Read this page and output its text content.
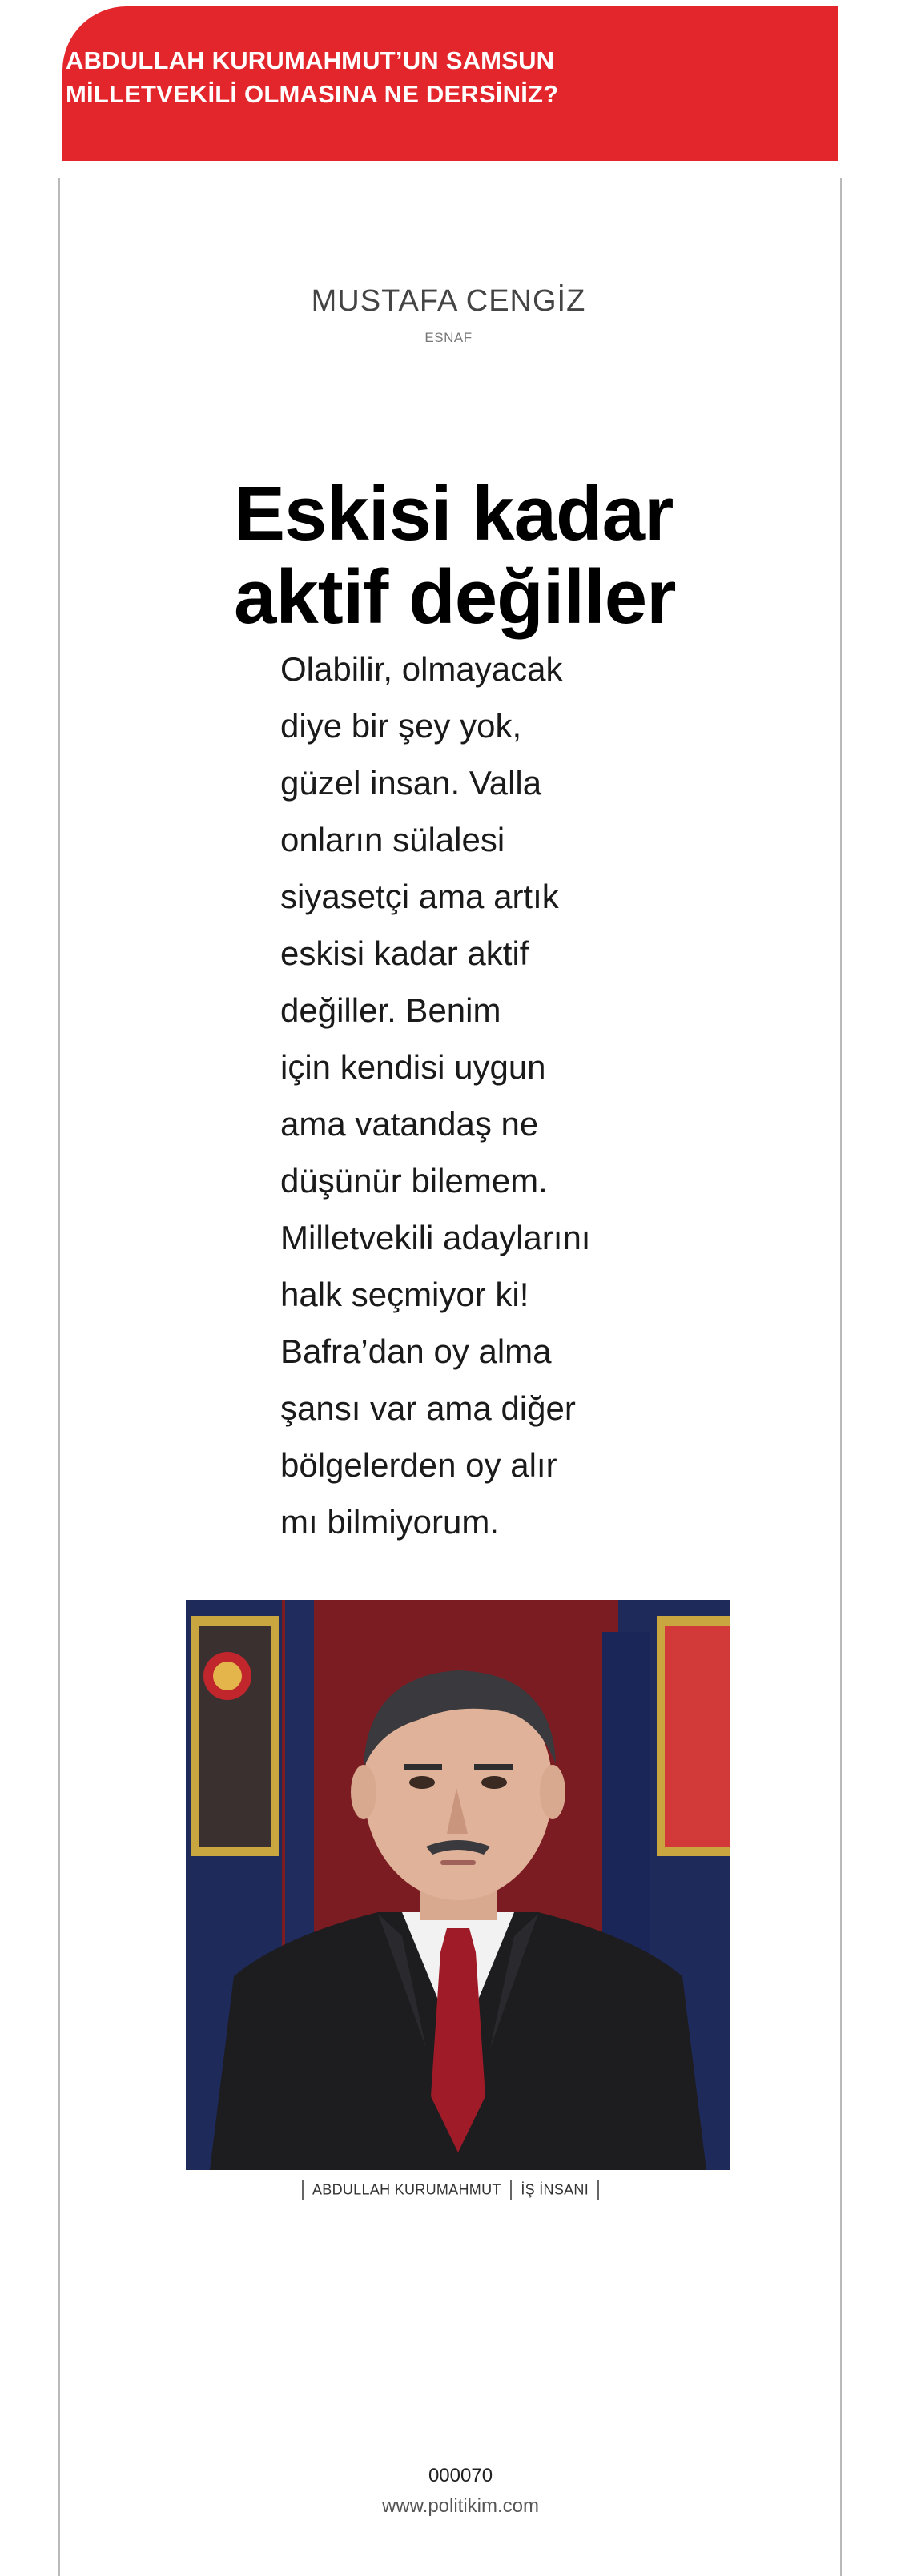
ABDULLAH KURUMAHMUT’UN SAMSUN
MİLLETVEKİLİ OLMASINA NE DERSİNİZ?

MUSTAFA CENGİZ
ESNAF
Eskisi kadar
aktif değiller
Olabilir, olmayacak
diye bir şey yok,
güzel insan. Valla
onların sülalesi
siyasetçi ama artık
eskisi kadar aktif
değiller. Benim
için kendisi uygun
ama vatandaş ne
düşünür bilemem.
Milletvekili adaylarını
halk seçmiyor ki!
Bafra’dan oy alma
şansı var ama diğer
bölgelerden oy alır
mı bilmiyorum.
ABDULLAH KURUMAHMUT İŞ İNSANI
000070
www.politikim.com
